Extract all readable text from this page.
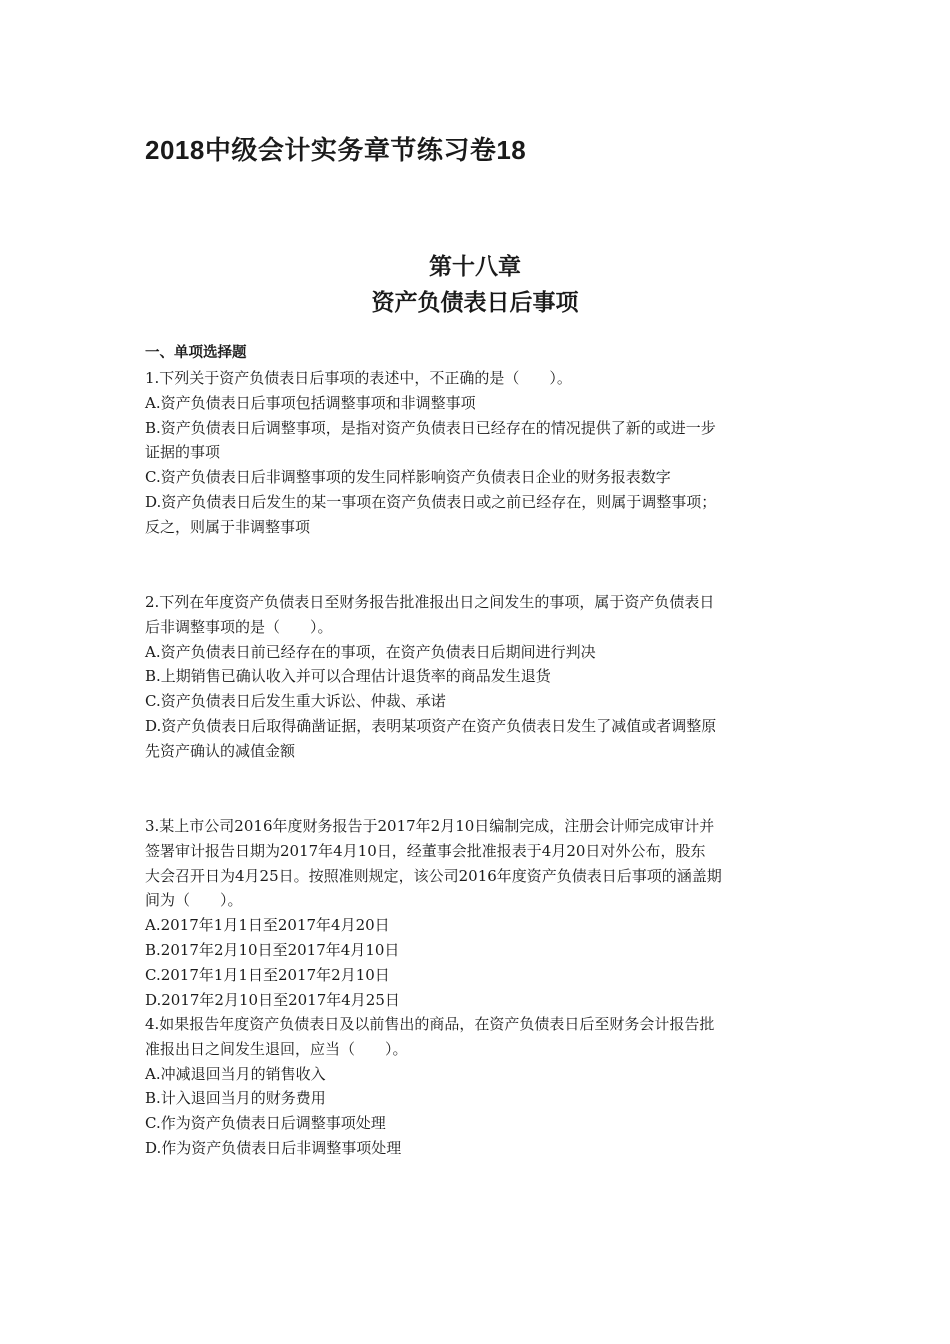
2018中级会计实务章节练习卷18
第十八章
资产负债表日后事项
一、单项选择题

1.下列关于资产负债表日后事项的表述中，不正确的是（　　）。

A.资产负债表日后事项包括调整事项和非调整事项

B.资产负债表日后调整事项，是指对资产负债表日已经存在的情况提供了新的或进一步

证据的事项

C.资产负债表日后非调整事项的发生同样影响资产负债表日企业的财务报表数字

D.资产负债表日后发生的某一事项在资产负债表日或之前已经存在，则属于调整事项；

反之，则属于非调整事项

2.下列在年度资产负债表日至财务报告批准报出日之间发生的事项，属于资产负债表日

后非调整事项的是（　　）。

A.资产负债表日前已经存在的事项，在资产负债表日后期间进行判决

B.上期销售已确认收入并可以合理估计退货率的商品发生退货

C.资产负债表日后发生重大诉讼、仲裁、承诺

D.资产负债表日后取得确凿证据，表明某项资产在资产负债表日发生了减值或者调整原

先资产确认的减值金额

3.某上市公司2016年度财务报告于2017年2月10日编制完成，注册会计师完成审计并

签署审计报告日期为2017年4月10日，经董事会批准报表于4月20日对外公布，股东

大会召开日为4月25日。按照准则规定，该公司2016年度资产负债表日后事项的涵盖期

间为（　　）。

A.2017年1月1日至2017年4月20日

B.2017年2月10日至2017年4月10日

C.2017年1月1日至2017年2月10日

D.2017年2月10日至2017年4月25日

4.如果报告年度资产负债表日及以前售出的商品，在资产负债表日后至财务会计报告批

准报出日之间发生退回，应当（　　）。

A.冲减退回当月的销售收入

B.计入退回当月的财务费用

C.作为资产负债表日后调整事项处理

D.作为资产负债表日后非调整事项处理
